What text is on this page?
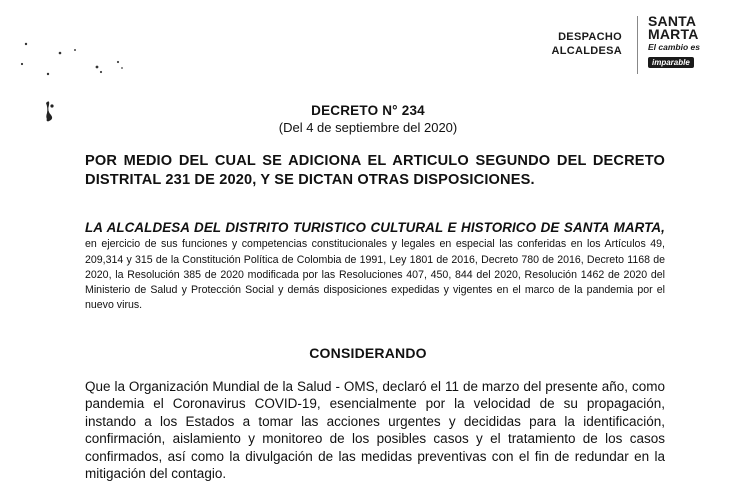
DESPACHO
ALCALDESA
SANTA
MARTA
El cambio es
imparable
DECRETO N° 234
(Del 4 de septiembre del 2020)
POR MEDIO DEL CUAL SE ADICIONA EL ARTICULO SEGUNDO DEL DECRETO DISTRITAL 231 DE 2020, Y SE DICTAN OTRAS DISPOSICIONES.
LA ALCALDESA DEL DISTRITO TURISTICO CULTURAL E HISTORICO DE SANTA MARTA, en ejercicio de sus funciones y competencias constitucionales y legales en especial las conferidas en los Artículos 49, 209,314 y 315 de la Constitución Política de Colombia de 1991, Ley 1801 de 2016, Decreto 780 de 2016, Decreto 1168 de 2020, la Resolución 385 de 2020 modificada por las Resoluciones 407, 450, 844 del 2020, Resolución 1462 de 2020 del Ministerio de Salud y Protección Social y demás disposiciones expedidas y vigentes en el marco de la pandemia por el nuevo virus.
CONSIDERANDO
Que la Organización Mundial de la Salud - OMS, declaró el 11 de marzo del presente año, como pandemia el Coronavirus COVID-19, esencialmente por la velocidad de su propagación, instando a los Estados a tomar las acciones urgentes y decididas para la identificación, confirmación, aislamiento y monitoreo de los posibles casos y el tratamiento de los casos confirmados, así como la divulgación de las medidas preventivas con el fin de redundar en la mitigación del contagio.
